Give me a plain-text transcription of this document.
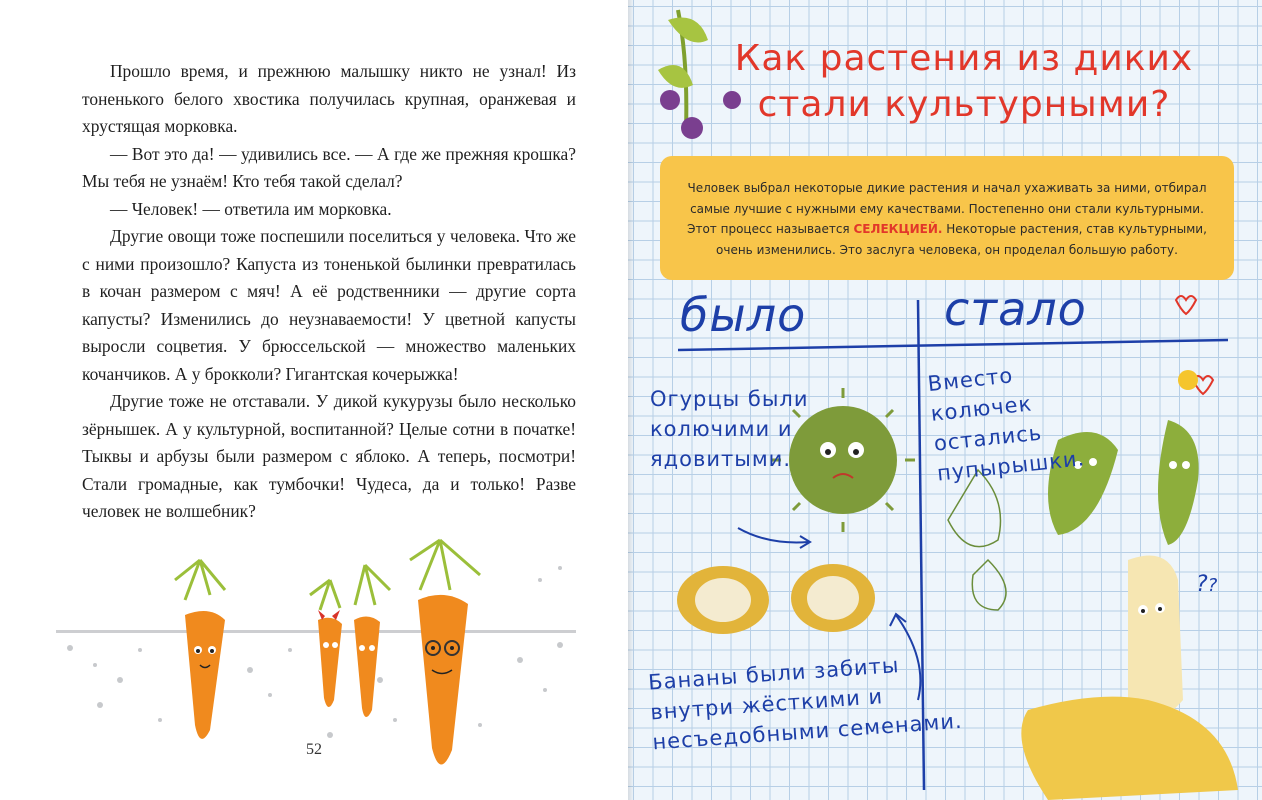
Прошло время, и прежнюю малышку никто не узнал! Из тоненького белого хвостика получилась крупная, оранжевая и хрустящая морковка.

— Вот это да! — удивились все. — А где же прежняя крошка? Мы тебя не узнаём! Кто тебя такой сделал?

— Человек! — ответила им морковка.

Другие овощи тоже поспешили поселиться у человека. Что же с ними произошло? Капуста из тоненькой былинки превратилась в кочан размером с мяч! А её родственники — другие сорта капусты? Изменились до неузнаваемости! У цветной капусты выросли соцветия. У брюссельской — множество маленьких кочанчиков. А у брокколи? Гигантская кочерыжка!

Другие тоже не отставали. У дикой кукурузы было несколько зёрнышек. А у культурной, воспитанной? Целые сотни в початке! Тыквы и арбузы были размером с яблоко. А теперь, посмотри! Стали громадные, как тумбочки! Чудеса, да и только! Разве человек не волшебник?

52
Как растения из диких
стали культурными?
Человек выбрал некоторые дикие растения и начал ухаживать за ними, отбирал самые лучшие с нужными ему качествами. Постепенно они стали культурными. Этот процесс называется СЕЛЕКЦИЕЙ. Некоторые растения, став культурными, очень изменились. Это заслуга человека, он проделал большую работу.
было	стало
Огурцы были колючими и ядовитыми.
Вместо колючек остались пупырышки.
Бананы были забиты внутри жёсткими и несъедобными семенами.
??
